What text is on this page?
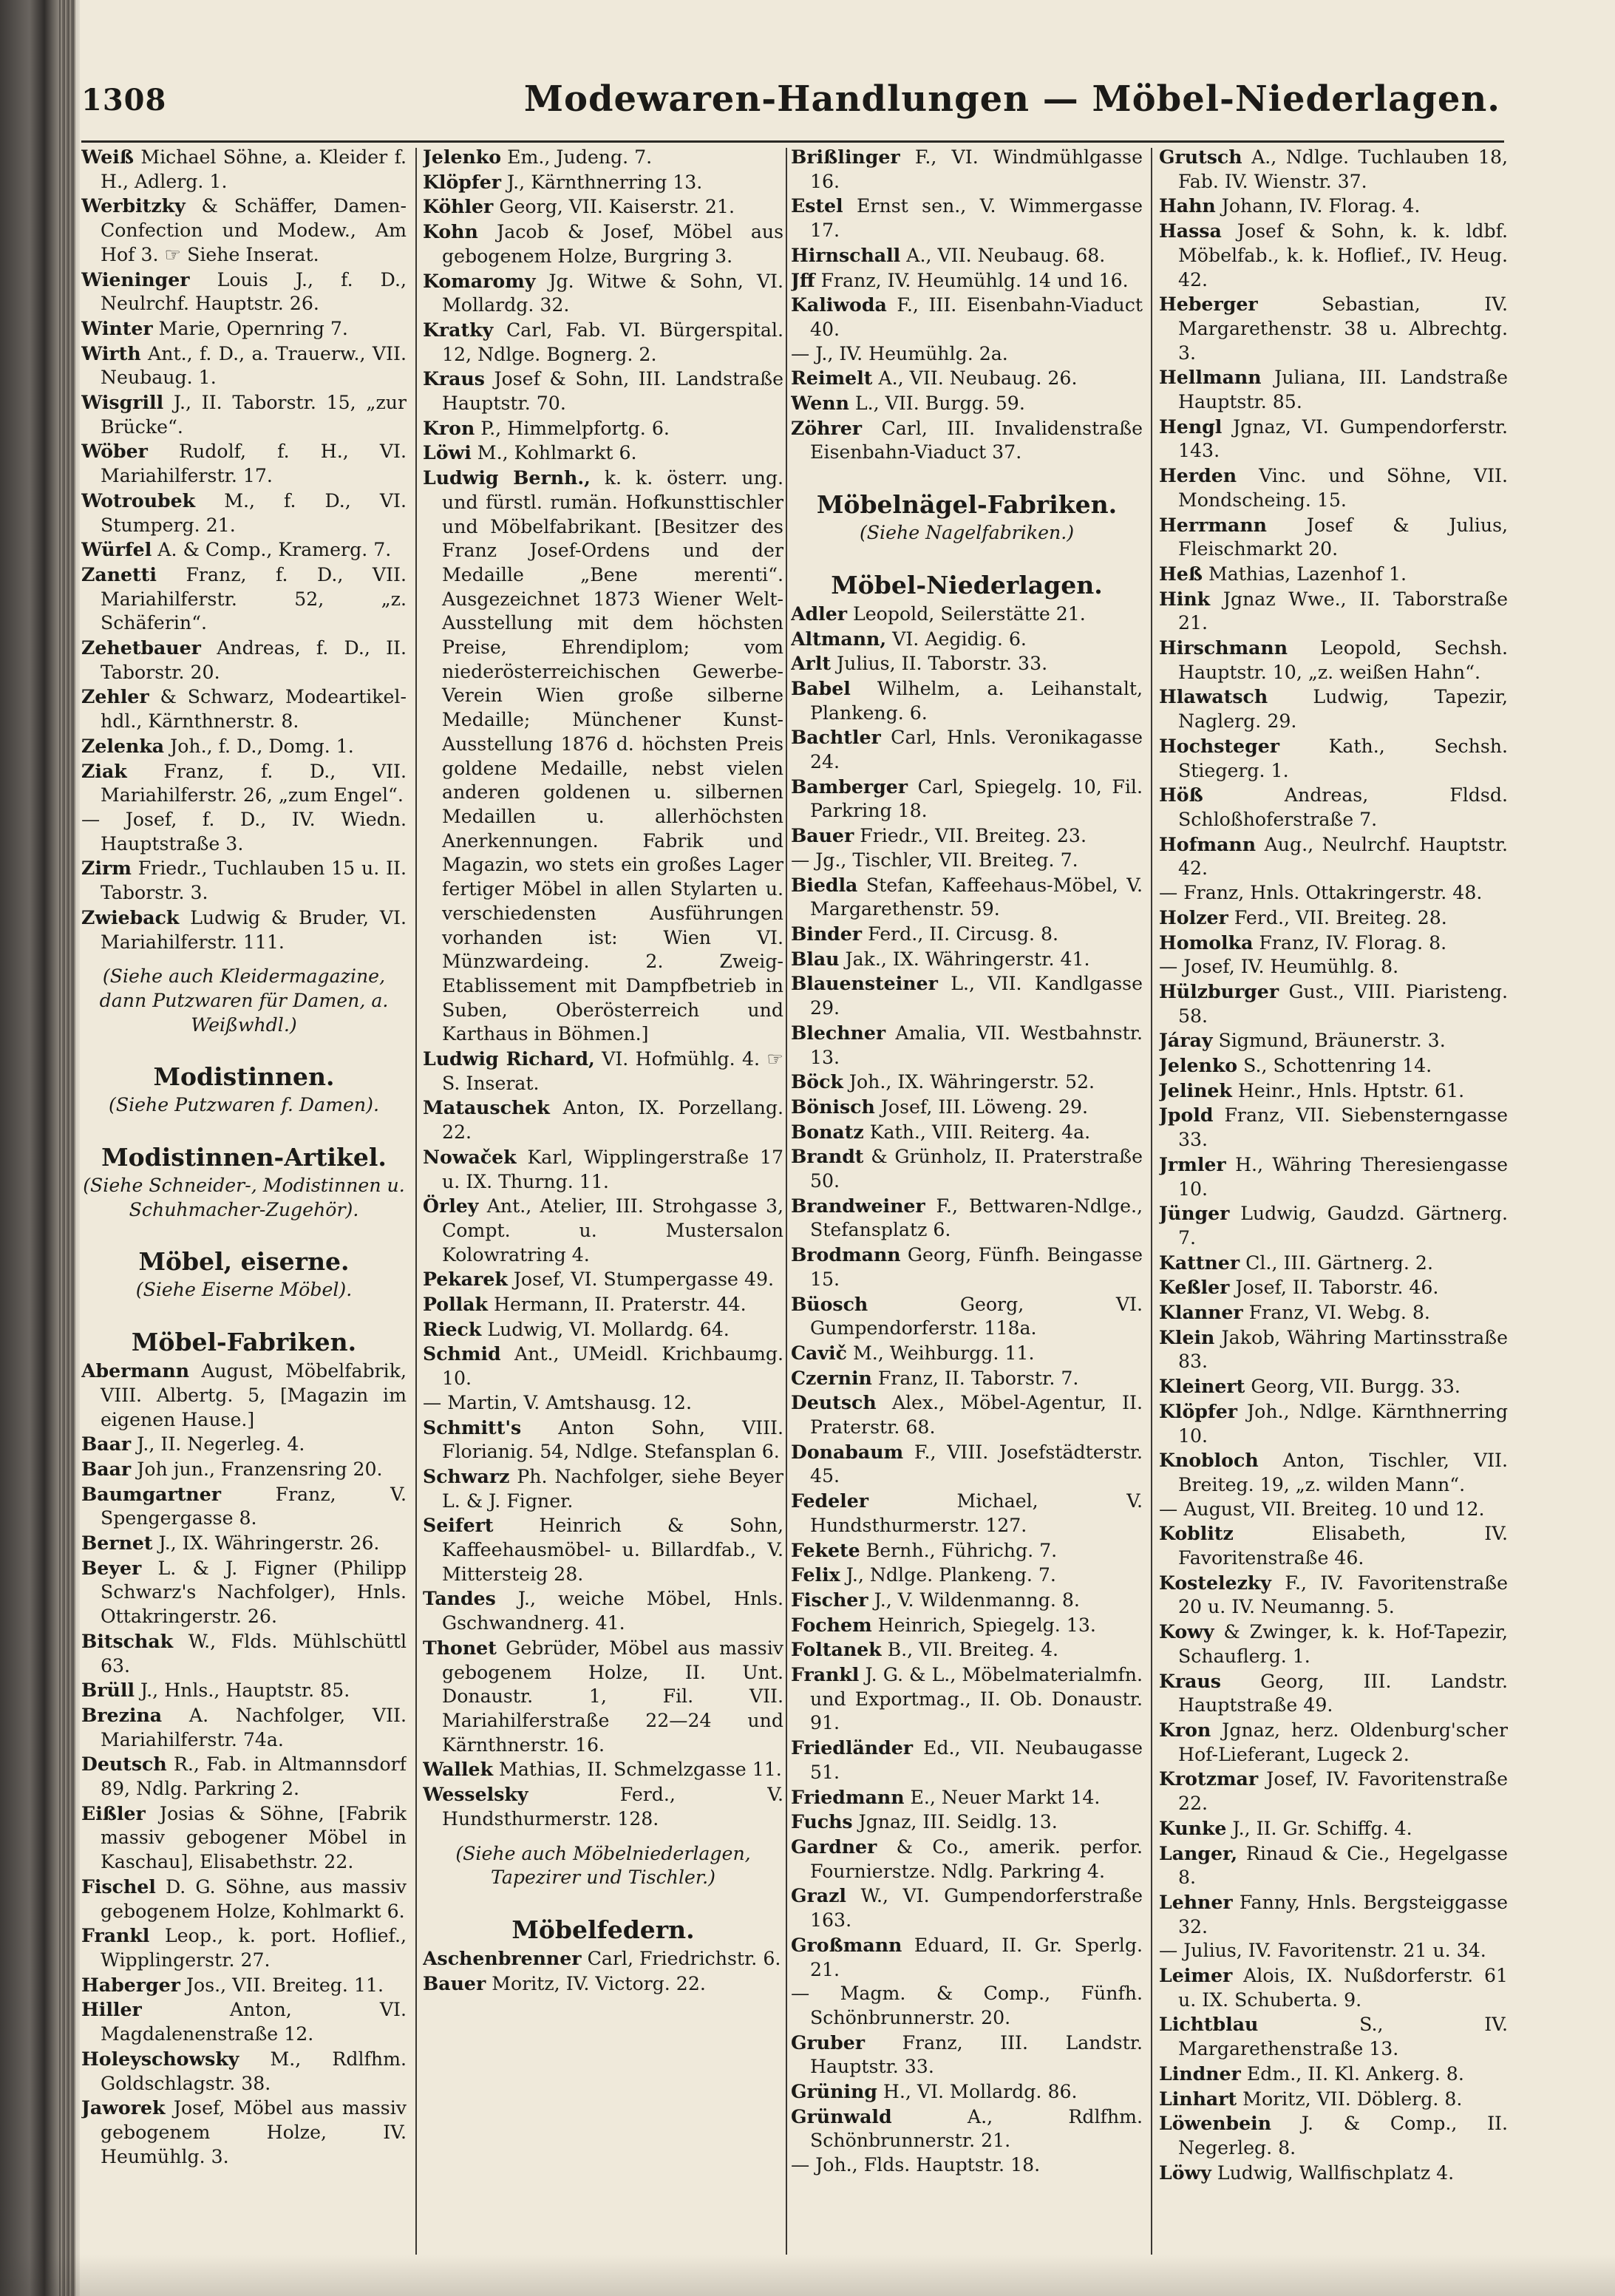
1308	Modewaren-Handlungen — Möbel-Niederlagen.

Weiß Michael Söhne, a. Kleider f. H., Adlerg. 1.

Werbitzky & Schäffer, Damen-Confection und Modew., Am Hof 3. ☞ Siehe Inserat.

Wieninger Louis J., f. D., Neulrchf. Hauptstr. 26.

Winter Marie, Opernring 7.

Wirth Ant., f. D., a. Trauerw., VII. Neubaug. 1.

Wisgrill J., II. Taborstr. 15, „zur Brücke“.

Wöber Rudolf, f. H., VI. Mariahilferstr. 17.

Wotroubek M., f. D., VI. Stumperg. 21.

Würfel A. & Comp., Kramerg. 7.

Zanetti Franz, f. D., VII. Mariahilferstr. 52, „z. Schäferin“.

Zehetbauer Andreas, f. D., II. Taborstr. 20.

Zehler & Schwarz, Modeartikel-hdl., Kärnthnerstr. 8.

Zelenka Joh., f. D., Domg. 1.

Ziak Franz, f. D., VII. Mariahilferstr. 26, „zum Engel“.

— Josef, f. D., IV. Wiedn. Hauptstraße 3.

Zirm Friedr., Tuchlauben 15 u. II. Taborstr. 3.

Zwieback Ludwig & Bruder, VI. Mariahilferstr. 111.

(Siehe auch Kleidermagazine, dann Putzwaren für Damen, a. Weißwhdl.)

Modistinnen.

(Siehe Putzwaren f. Damen).

Modistinnen-Artikel.

(Siehe Schneider-, Modistinnen u. Schuhmacher-Zugehör).

Möbel, eiserne.

(Siehe Eiserne Möbel).

Möbel-Fabriken.

Abermann August, Möbelfabrik, VIII. Albertg. 5, [Magazin im eigenen Hause.]

Baar J., II. Negerleg. 4.

Baar Joh jun., Franzensring 20.

Baumgartner	Franz, V. Spengergasse 8.

Bernet J., IX. Währingerstr. 26.

Beyer L. & J. Figner (Philipp Schwarz's Nachfolger), Hnls. Ottakringerstr. 26.

Bitschak W., Flds. Mühlschüttl 63.

Brüll J., Hnls., Hauptstr. 85.

Brezina A. Nachfolger, VII. Mariahilferstr. 74a.

Deutsch R., Fab. in Altmannsdorf 89, Ndlg. Parkring 2.

Eißler Josias & Söhne, [Fabrik massiv gebogener Möbel in Kaschau], Elisabethstr. 22.

Fischel D. G. Söhne, aus massiv gebogenem Holze, Kohlmarkt 6.

Frankl Leop., k. port. Hoflief., Wipplingerstr. 27.

Haberger Jos., VII. Breiteg. 11.

Hiller	Anton, VI. Magdalenenstraße 12.

Holeyschowsky M., Rdlfhm. Goldschlagstr. 38.

Jaworek Josef, Möbel aus massiv gebogenem Holze, IV. Heumühlg. 3.

Jelenko Em., Judeng. 7.

Klöpfer J., Kärnthnerring 13.

Köhler Georg, VII. Kaiserstr. 21.

Kohn Jacob & Josef, Möbel aus gebogenem Holze, Burgring 3.

Komaromy Jg. Witwe & Sohn, VI. Mollardg. 32.

Kratky Carl, Fab. VI. Bürgerspital. 12, Ndlge. Bognerg. 2.

Kraus Josef & Sohn, III. Landstraße Hauptstr. 70.

Kron P., Himmelpfortg. 6.

Löwi M., Kohlmarkt 6.

Ludwig Bernh., k. k. österr. ung. und fürstl. rumän. Hofkunsttischler und Möbelfabrikant. [Besitzer des Franz Josef-Ordens und der Medaille „Bene merenti“. Ausgezeichnet 1873 Wiener Welt-Ausstellung mit dem höchsten Preise, Ehrendiplom; vom niederösterreichischen Gewerbe-Verein Wien große silberne Medaille; Münchener Kunst-Ausstellung 1876 d. höchsten Preis goldene Medaille, nebst vielen anderen goldenen u. silbernen Medaillen u. allerhöchsten Anerkennungen. Fabrik und Magazin, wo stets ein großes Lager fertiger Möbel in allen Stylarten u. verschiedensten Ausführungen vorhanden ist: Wien VI. Münzwardeing. 2. Zweig-Etablissement mit Dampfbetrieb in Suben, Oberösterreich und Karthaus in Böhmen.]

Ludwig Richard, VI. Hofmühlg. 4. ☞ S. Inserat.

Matauschek Anton, IX. Porzellang. 22.

Nowaček Karl, Wipplingerstraße 17 u. IX. Thurng. 11.

Örley Ant., Atelier, III. Strohgasse 3, Compt. u. Mustersalon Kolowratring 4.

Pekarek Josef, VI. Stumpergasse 49.

Pollak Hermann, II. Praterstr. 44.

Rieck Ludwig, VI. Mollardg. 64.

Schmid Ant., UMeidl. Krichbaumg. 10.

— Martin, V. Amtshausg. 12.

Schmitt's Anton Sohn, VIII. Florianig. 54, Ndlge. Stefansplan 6.

Schwarz Ph. Nachfolger, siehe Beyer L. & J. Figner.

Seifert Heinrich & Sohn, Kaffeehausmöbel- u. Billardfab., V. Mittersteig 28.

Tandes J., weiche Möbel, Hnls. Gschwandnerg. 41.

Thonet Gebrüder, Möbel aus massiv gebogenem Holze, II. Unt. Donaustr. 1, Fil. VII. Mariahilferstraße 22—24 und Kärnthnerstr. 16.

Wallek Mathias, II. Schmelzgasse 11.

Wesselsky	Ferd., V. Hundsthurmerstr. 128.

(Siehe auch Möbelniederlagen, Tapezirer und Tischler.)

Möbelfedern.

Aschenbrenner Carl, Friedrichstr. 6.

Bauer Moritz, IV. Victorg. 22.

Brißlinger F., VI. Windmühlgasse 16.

Estel Ernst sen., V. Wimmergasse 17.

Hirnschall A., VII. Neubaug. 68.

Jff Franz, IV. Heumühlg. 14 und 16.

Kaliwoda F., III. Eisenbahn-Viaduct 40.

— J., IV. Heumühlg. 2a.

Reimelt A., VII. Neubaug. 26.

Wenn L., VII. Burgg. 59.

Zöhrer Carl, III. Invalidenstraße Eisenbahn-Viaduct 37.

Möbelnägel-Fabriken.

(Siehe Nagelfabriken.)

Möbel-Niederlagen.

Adler Leopold, Seilerstätte 21.

Altmann, VI. Aegidig. 6.

Arlt Julius, II. Taborstr. 33.

Babel Wilhelm, a. Leihanstalt, Plankeng. 6.

Bachtler Carl, Hnls. Veronikagasse 24.

Bamberger Carl, Spiegelg. 10, Fil. Parkring 18.

Bauer Friedr., VII. Breiteg. 23.

— Jg., Tischler, VII. Breiteg. 7.

Biedla Stefan, Kaffeehaus-Möbel, V. Margarethenstr. 59.

Binder Ferd., II. Circusg. 8.

Blau Jak., IX. Währingerstr. 41.

Blauensteiner L., VII. Kandlgasse 29.

Blechner Amalia, VII. Westbahnstr. 13.

Böck Joh., IX. Währingerstr. 52.

Bönisch Josef, III. Löweng. 29.

Bonatz Kath., VIII. Reiterg. 4a.

Brandt & Grünholz, II. Praterstraße 50.

Brandweiner F., Bettwaren-Ndlge., Stefansplatz 6.

Brodmann Georg, Fünfh. Beingasse 15.

Büosch	Georg, VI. Gumpendorferstr. 118a.

Cavič M., Weihburgg. 11.

Czernin Franz, II. Taborstr. 7.

Deutsch Alex., Möbel-Agentur, II. Praterstr. 68.

Donabaum F., VIII. Josefstädterstr. 45.

Fedeler	Michael, V. Hundsthurmerstr. 127.

Fekete Bernh., Führichg. 7.

Felix J., Ndlge. Plankeng. 7.

Fischer J., V. Wildenmanng. 8.

Fochem Heinrich, Spiegelg. 13.

Foltanek B., VII. Breiteg. 4.

Frankl J. G. & L., Möbelmaterialmfn. und Exportmag., II. Ob. Donaustr. 91.

Friedländer Ed., VII. Neubaugasse 51.

Friedmann E., Neuer Markt 14.

Fuchs Jgnaz, III. Seidlg. 13.

Gardner & Co., amerik. perfor. Fournierstze. Ndlg. Parkring 4.

Grazl W., VI. Gumpendorferstraße 163.

Großmann Eduard, II. Gr. Sperlg. 21.

— Magm. & Comp., Fünfh. Schönbrunnerstr. 20.

Gruber Franz, III. Landstr. Hauptstr. 33.

Grüning H., VI. Mollardg. 86.

Grünwald	A., Rdlfhm. Schönbrunnerstr. 21.

— Joh., Flds. Hauptstr. 18.

Grutsch A., Ndlge. Tuchlauben 18, Fab. IV. Wienstr. 37.

Hahn Johann, IV. Florag. 4.

Hassa Josef & Sohn, k. k. ldbf. Möbelfab., k. k. Hoflief., IV. Heug. 42.

Heberger	Sebastian, IV. Margarethenstr. 38 u. Albrechtg. 3.

Hellmann Juliana, III. Landstraße Hauptstr. 85.

Hengl Jgnaz, VI. Gumpendorferstr. 143.

Herden Vinc. und Söhne, VII. Mondscheing. 15.

Herrmann Josef & Julius, Fleischmarkt 20.

Heß Mathias, Lazenhof 1.

Hink Jgnaz Wwe., II. Taborstraße 21.

Hirschmann Leopold, Sechsh. Hauptstr. 10, „z. weißen Hahn“.

Hlawatsch Ludwig, Tapezir, Naglerg. 29.

Hochsteger	Kath., Sechsh. Stiegerg. 1.

Höß	Andreas, Fldsd. Schloßhoferstraße 7.

Hofmann Aug., Neulrchf. Hauptstr. 42.

— Franz, Hnls. Ottakringerstr. 48.

Holzer Ferd., VII. Breiteg. 28.

Homolka Franz, IV. Florag. 8.

— Josef, IV. Heumühlg. 8.

Hülzburger Gust., VIII. Piaristeng. 58.

Járay Sigmund, Bräunerstr. 3.

Jelenko S., Schottenring 14.

Jelinek Heinr., Hnls. Hptstr. 61.

Jpold Franz, VII. Siebensterngasse 33.

Jrmler H., Währing Theresiengasse 10.

Jünger Ludwig, Gaudzd. Gärtnerg. 7.

Kattner Cl., III. Gärtnerg. 2.

Keßler Josef, II. Taborstr. 46.

Klanner Franz, VI. Webg. 8.

Klein Jakob, Währing Martinsstraße 83.

Kleinert Georg, VII. Burgg. 33.

Klöpfer Joh., Ndlge. Kärnthnerring 10.

Knobloch Anton, Tischler, VII. Breiteg. 19, „z. wilden Mann“.

— August, VII. Breiteg. 10 und 12.

Koblitz	Elisabeth, IV. Favoritenstraße 46.

Kostelezky F., IV. Favoritenstraße 20 u. IV. Neumanng. 5.

Kowy & Zwinger, k. k. Hof-Tapezir, Schauflerg. 1.

Kraus Georg, III. Landstr. Hauptstraße 49.

Kron Jgnaz, herz. Oldenburg'scher Hof-Lieferant, Lugeck 2.

Krotzmar Josef, IV. Favoritenstraße 22.

Kunke J., II. Gr. Schiffg. 4.

Langer, Rinaud & Cie., Hegelgasse 8.

Lehner Fanny, Hnls. Bergsteiggasse 32.

— Julius, IV. Favoritenstr. 21 u. 34.

Leimer Alois, IX. Nußdorferstr. 61 u. IX. Schuberta. 9.

Lichtblau	S., IV. Margarethenstraße 13.

Lindner Edm., II. Kl. Ankerg. 8.

Linhart Moritz, VII. Döblerg. 8.

Löwenbein J. & Comp., II. Negerleg. 8.

Löwy Ludwig, Wallfischplatz 4.
